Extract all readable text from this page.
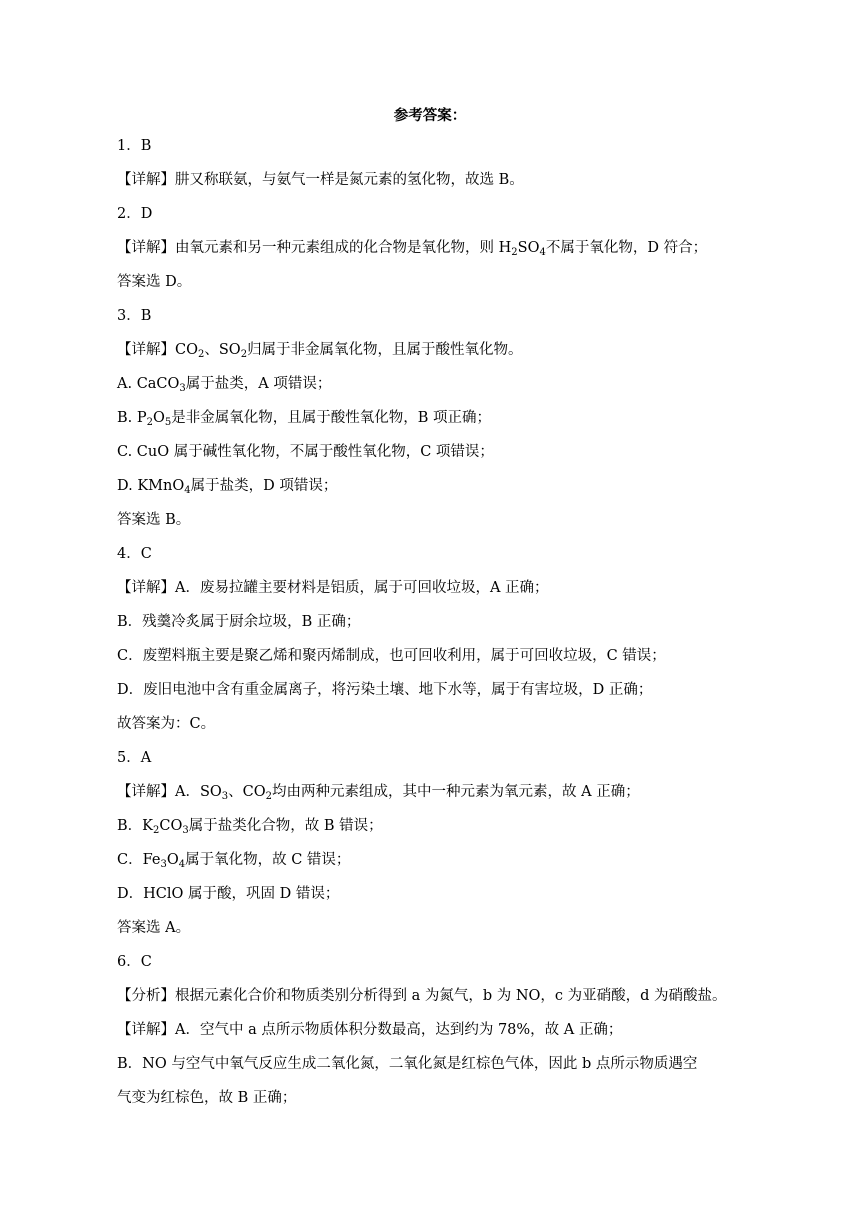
参考答案：
1．B
【详解】肼又称联氨，与氨气一样是氮元素的氢化物，故选 B。
2．D
【详解】由氧元素和另一种元素组成的化合物是氧化物，则 $H_2SO_4$不属于氧化物，D 符合；
答案选 D。
3．B
【详解】$CO_2$、$SO_2$归属于非金属氧化物，且属于酸性氧化物。
A. CaCO$_3$属于盐类，A 项错误；
B. $P_2O_5$是非金属氧化物，且属于酸性氧化物，B 项正确；
C. CuO 属于碱性氧化物，不属于酸性氧化物，C 项错误；
D. KMnO$_4$属于盐类，D 项错误；
答案选 B。
4．C
【详解】A．废易拉罐主要材料是铝质，属于可回收垃圾，A 正确；
B．残羹冷炙属于厨余垃圾，B 正确；
C．废塑料瓶主要是聚乙烯和聚丙烯制成，也可回收利用，属于可回收垃圾，C 错误；
D．废旧电池中含有重金属离子，将污染土壤、地下水等，属于有害垃圾，D 正确；
故答案为：C。
5．A
【详解】A．$SO_3$、$CO_2$均由两种元素组成，其中一种元素为氧元素，故 A 正确；
B．$K_2CO_3$属于盐类化合物，故 B 错误；
C．$Fe_3O_4$属于氧化物，故 C 错误；
D．HClO 属于酸，巩固 D 错误；
答案选 A。
6．C
【分析】根据元素化合价和物质类别分析得到 a 为氮气，b 为 NO，c 为亚硝酸，d 为硝酸盐。
【详解】A．空气中 a 点所示物质体积分数最高，达到约为 78%，故 A 正确；
B．NO 与空气中氧气反应生成二氧化氮，二氧化氮是红棕色气体，因此 b 点所示物质遇空
气变为红棕色，故 B 正确；
